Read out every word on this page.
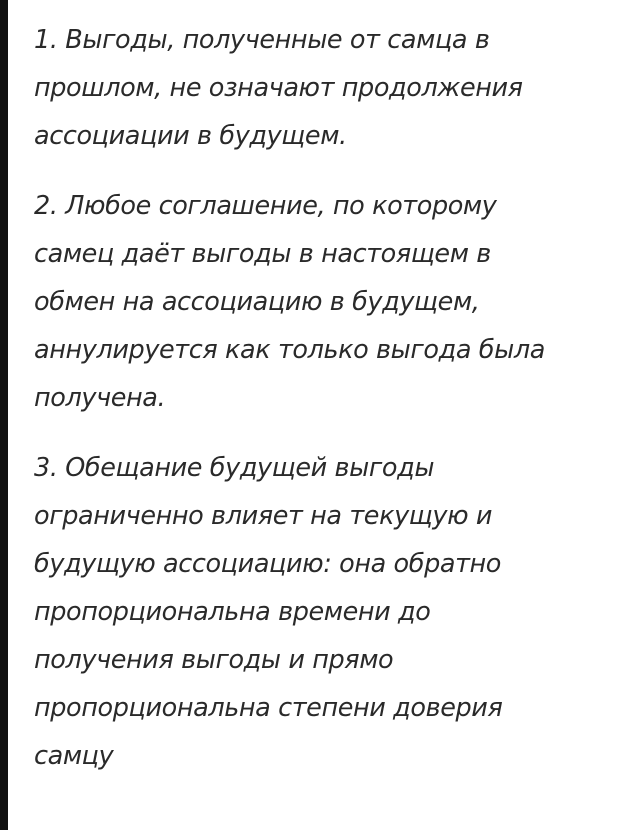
1. Выгоды, полученные от самца в
прошлом, не означают продолжения
ассоциации в будущем.

2. Любое соглашение, по которому
самец даёт выгоды в настоящем в
обмен на ассоциацию в будущем,
аннулируется как только выгода была
получена.

3. Обещание будущей выгоды
ограниченно влияет на текущую и
будущую ассоциацию: она обратно
пропорциональна времени до
получения выгоды и прямо
пропорциональна степени доверия
самцу
